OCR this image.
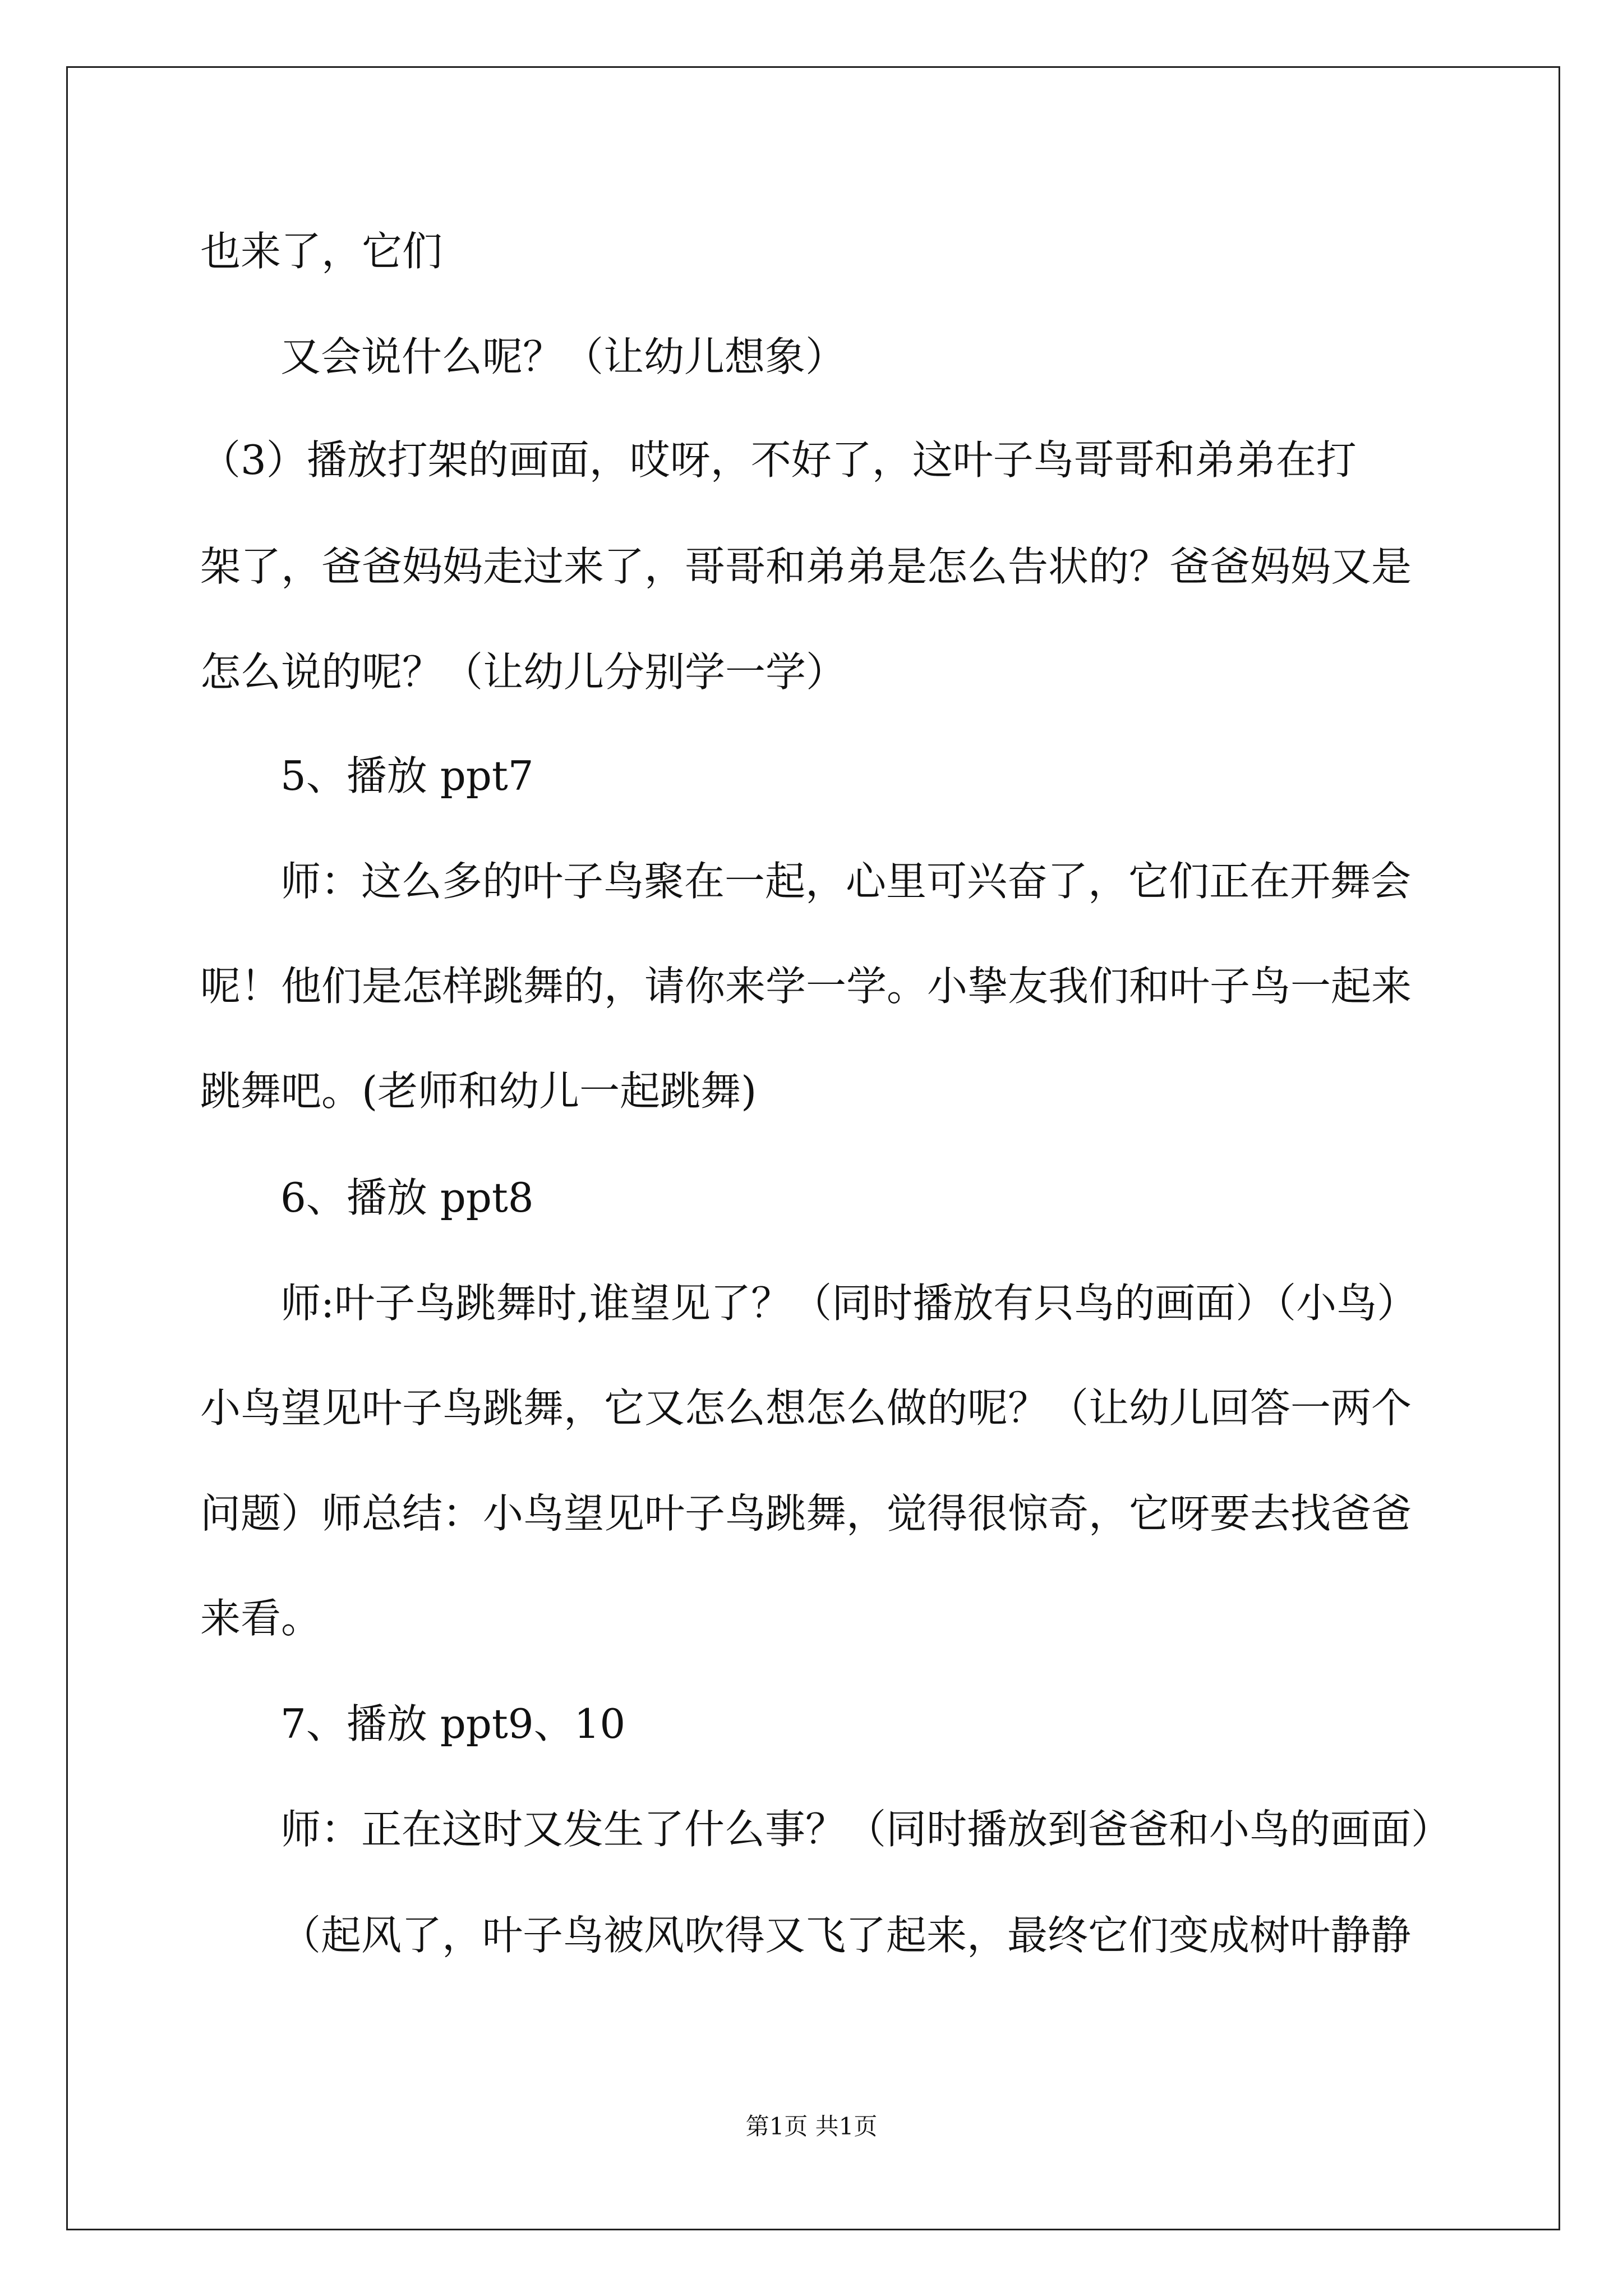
也来了，它们

又会说什么呢？（让幼儿想象）

（3）播放打架的画面，哎呀，不好了，这叶子鸟哥哥和弟弟在打

架了，爸爸妈妈走过来了，哥哥和弟弟是怎么告状的？爸爸妈妈又是

怎么说的呢？（让幼儿分别学一学）

5、播放 ppt7

师：这么多的叶子鸟聚在一起，心里可兴奋了，它们正在开舞会

呢！他们是怎样跳舞的，请你来学一学。小挚友我们和叶子鸟一起来

跳舞吧。(老师和幼儿一起跳舞)

6、播放 ppt8

师:叶子鸟跳舞时,谁望见了？（同时播放有只鸟的画面）（小鸟）

小鸟望见叶子鸟跳舞，它又怎么想怎么做的呢？（让幼儿回答一两个

问题）师总结：小鸟望见叶子鸟跳舞，觉得很惊奇，它呀要去找爸爸

来看。

7、播放 ppt9、10

师：正在这时又发生了什么事？（同时播放到爸爸和小鸟的画面）

（起风了，叶子鸟被风吹得又飞了起来，最终它们变成树叶静静

第1页 共1页
